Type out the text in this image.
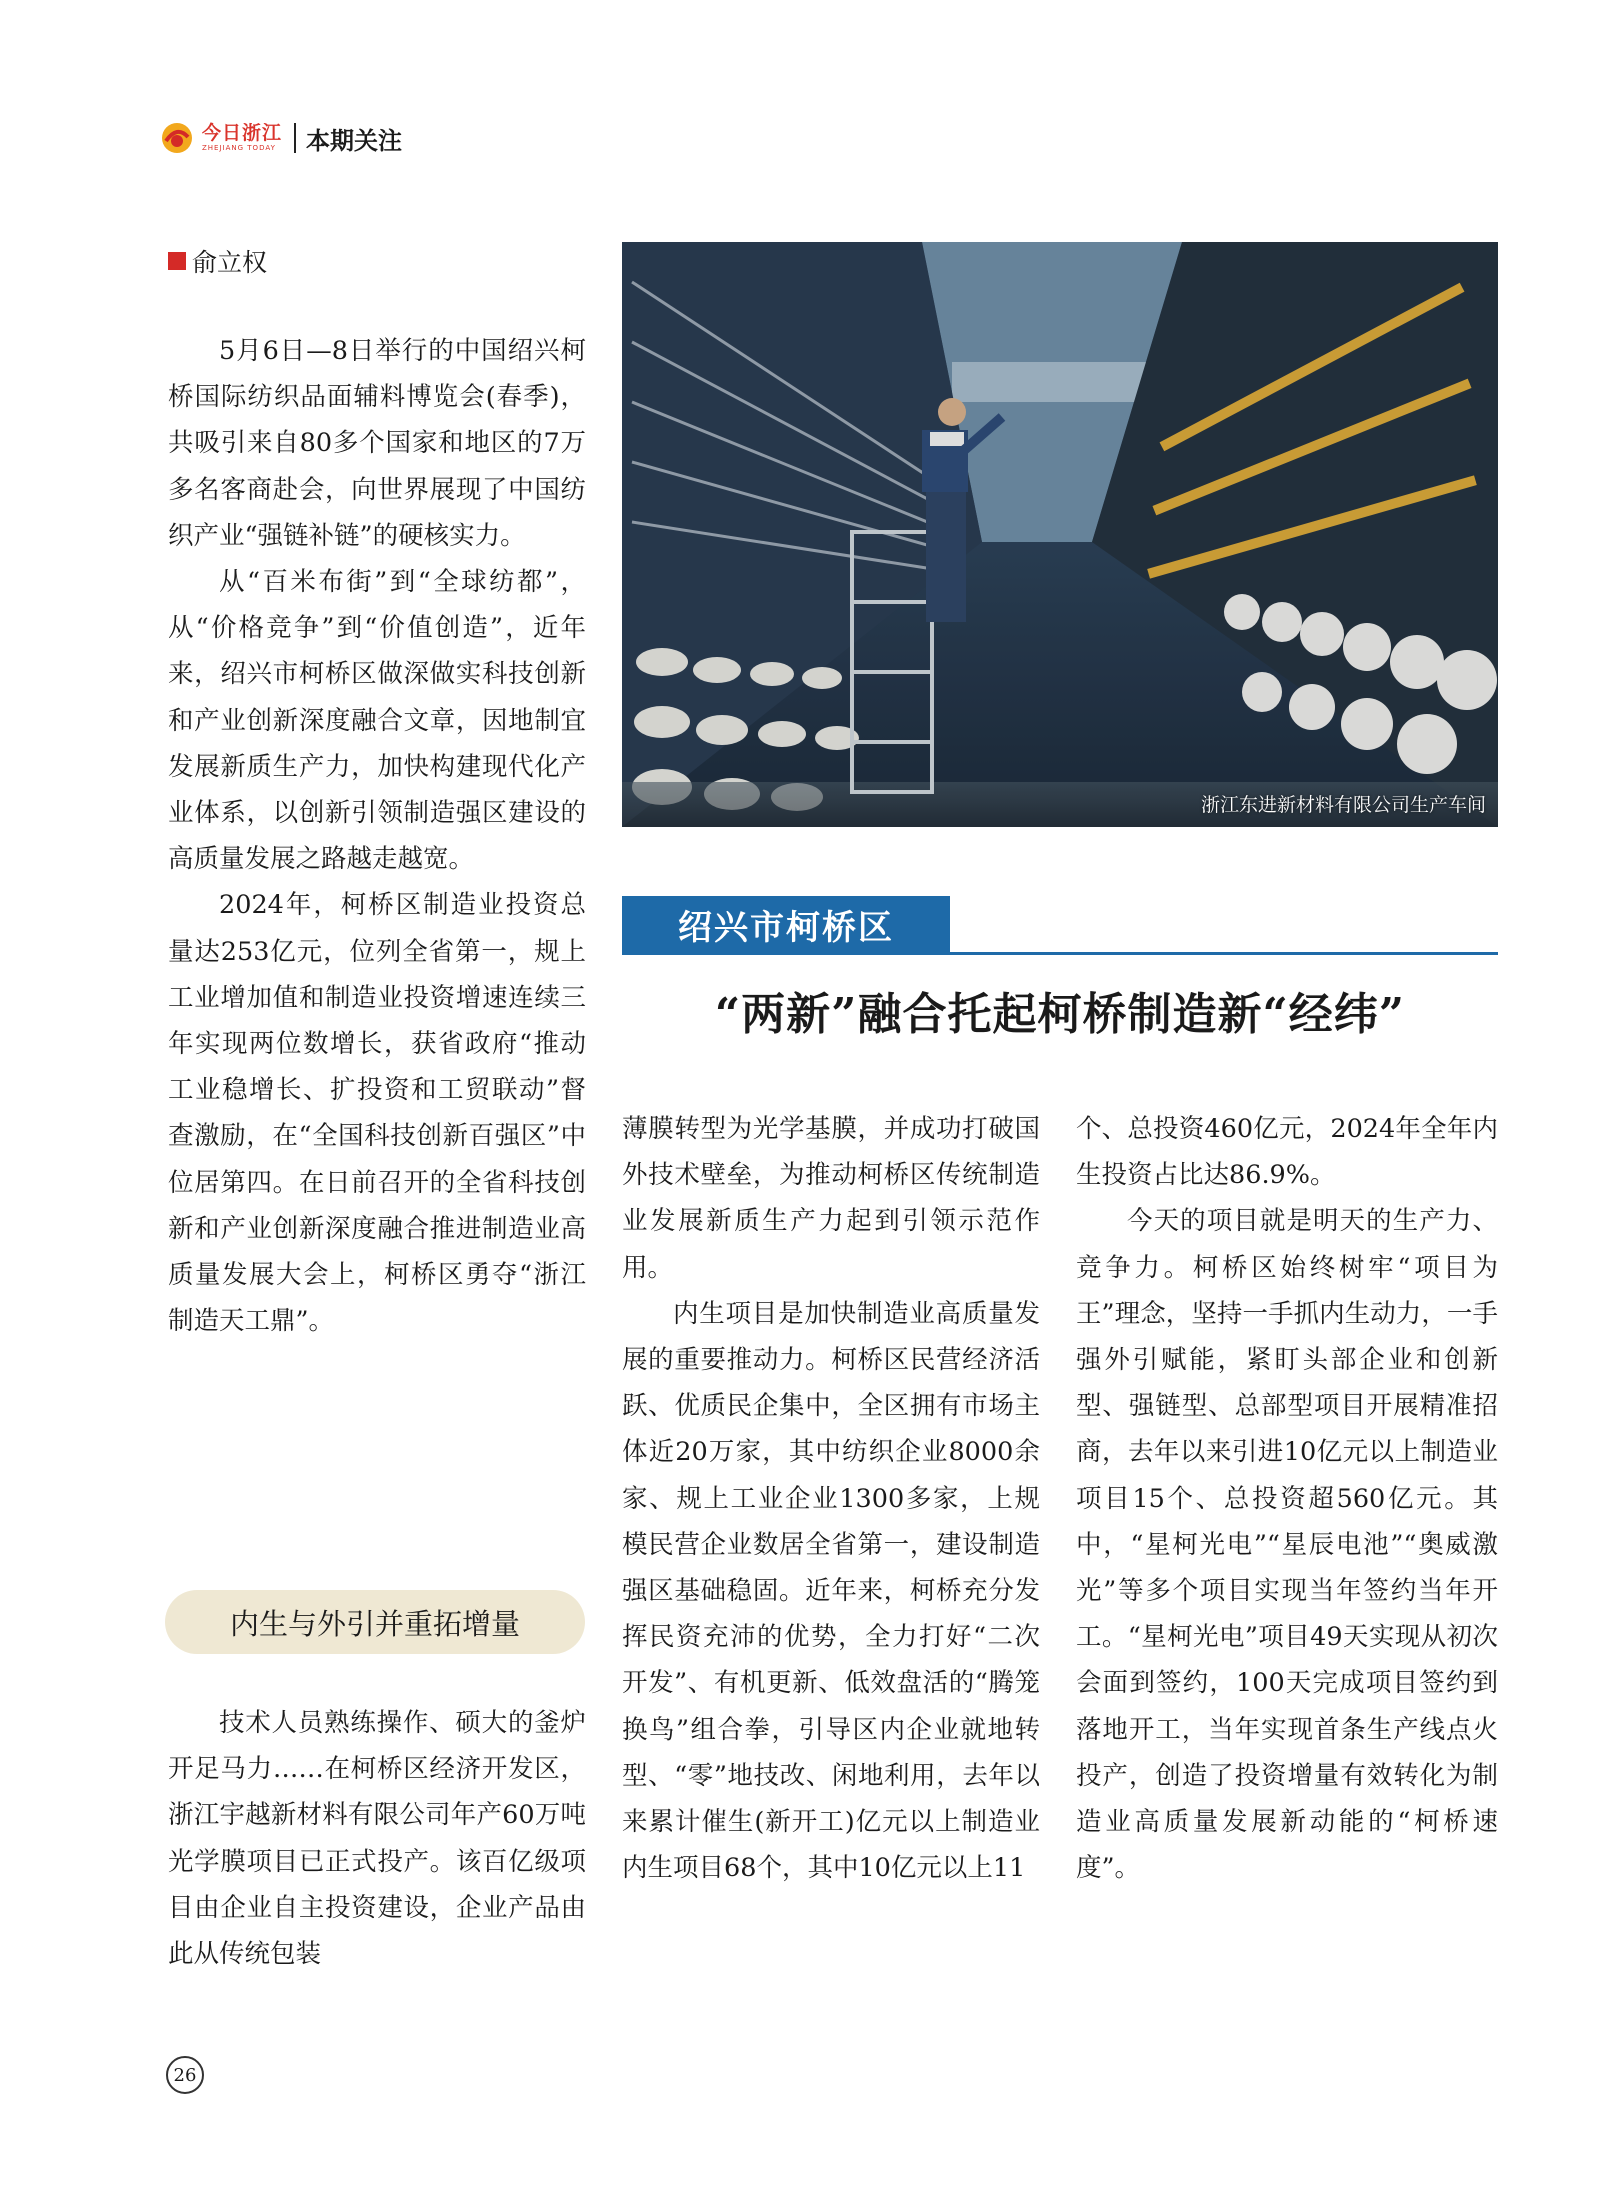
今日浙江
ZHEJIANG TODAY 本期关注
俞立权

5月6日—8日举行的中国绍兴柯桥国际纺织品面辅料博览会(春季)，共吸引来自80多个国家和地区的7万多名客商赴会，向世界展现了中国纺织产业“强链补链”的硬核实力。

从“百米布街”到“全球纺都”，从“价格竞争”到“价值创造”，近年来，绍兴市柯桥区做深做实科技创新和产业创新深度融合文章，因地制宜发展新质生产力，加快构建现代化产业体系，以创新引领制造强区建设的高质量发展之路越走越宽。

2024年，柯桥区制造业投资总量达253亿元，位列全省第一，规上工业增加值和制造业投资增速连续三年实现两位数增长，获省政府“推动工业稳增长、扩投资和工贸联动”督查激励，在“全国科技创新百强区”中位居第四。在日前召开的全省科技创新和产业创新深度融合推进制造业高质量发展大会上，柯桥区勇夺“浙江制造天工鼎”。

内生与外引并重拓增量

技术人员熟练操作、硕大的釜炉开足马力……在柯桥区经济开发区，浙江宇越新材料有限公司年产60万吨光学膜项目已正式投产。该百亿级项目由企业自主投资建设，企业产品由此从传统包装

浙江东进新材料有限公司生产车间
绍兴市柯桥区
“两新”融合托起柯桥制造新“经纬”

薄膜转型为光学基膜，并成功打破国外技术壁垒，为推动柯桥区传统制造业发展新质生产力起到引领示范作用。

内生项目是加快制造业高质量发展的重要推动力。柯桥区民营经济活跃、优质民企集中，全区拥有市场主体近20万家，其中纺织企业8000余家、规上工业企业1300多家，上规模民营企业数居全省第一，建设制造强区基础稳固。近年来，柯桥充分发挥民资充沛的优势，全力打好“二次开发”、有机更新、低效盘活的“腾笼换鸟”组合拳，引导区内企业就地转型、“零”地技改、闲地利用，去年以来累计催生(新开工)亿元以上制造业内生项目68个，其中10亿元以上11

个、总投资460亿元，2024年全年内生投资占比达86.9%。

今天的项目就是明天的生产力、竞争力。柯桥区始终树牢“项目为王”理念，坚持一手抓内生动力，一手强外引赋能，紧盯头部企业和创新型、强链型、总部型项目开展精准招商，去年以来引进10亿元以上制造业项目15个、总投资超560亿元。其中，“星柯光电”“星辰电池”“奥威激光”等多个项目实现当年签约当年开工。“星柯光电”项目49天实现从初次会面到签约，100天完成项目签约到落地开工，当年实现首条生产线点火投产，创造了投资增量有效转化为制造业高质量发展新动能的“柯桥速度”。

26
